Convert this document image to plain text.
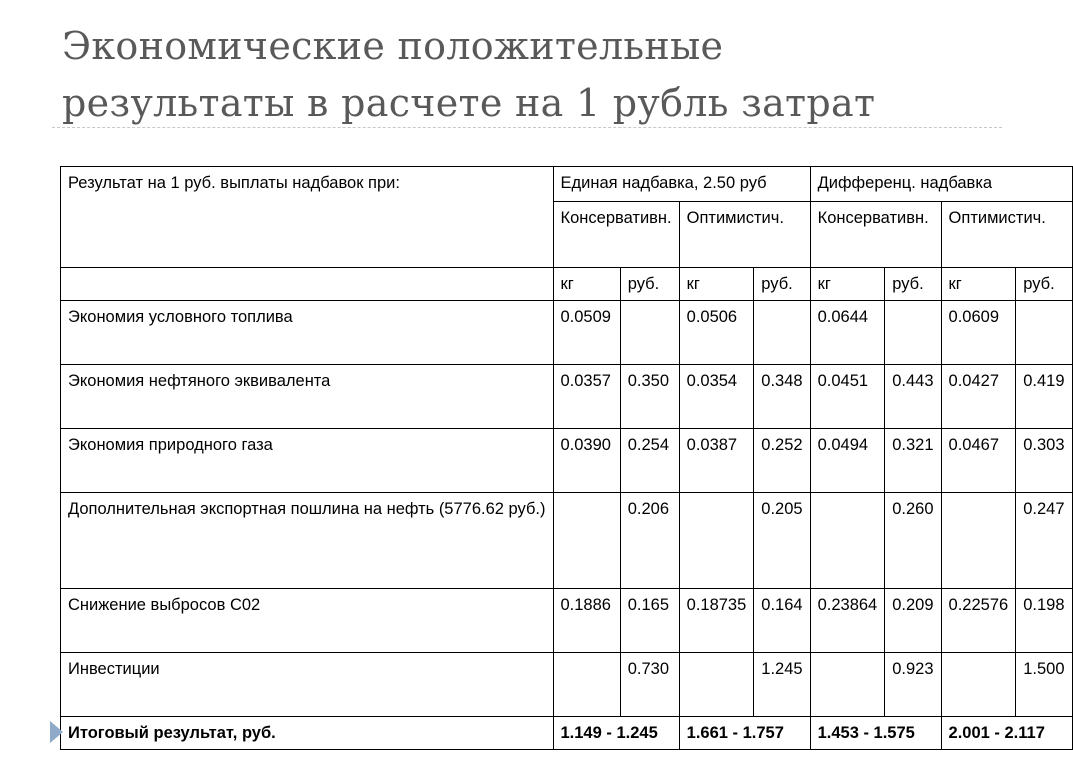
Экономические положительные
результаты в расчете на 1 рубль затрат
Результат на 1 руб. выплаты надбавок при:	Единая надбавка, 2.50 руб				Дифференц. надбавка			
	Консервативн.		Оптимистич.		Консервативн.		Оптимистич.	
	кг	руб.	кг	руб.	кг	руб.	кг	руб.
Экономия условного топлива	0.0509		0.0506		0.0644		0.0609	
Экономия нефтяного эквивалента	0.0357	0.350	0.0354	0.348	0.0451	0.443	0.0427	0.419
Экономия природного газа	0.0390	0.254	0.0387	0.252	0.0494	0.321	0.0467	0.303
Дополнительная экспортная пошлина на нефть (5776.62 руб.)		0.206		0.205		0.260		0.247
Снижение выбросов С02	0.1886	0.165	0.18735	0.164	0.23864	0.209	0.22576	0.198
Инвестиции		0.730		1.245		0.923		1.500
Итоговый результат, руб.	1.149 - 1.245		1.661 - 1.757		1.453 - 1.575		2.001 - 2.117	
